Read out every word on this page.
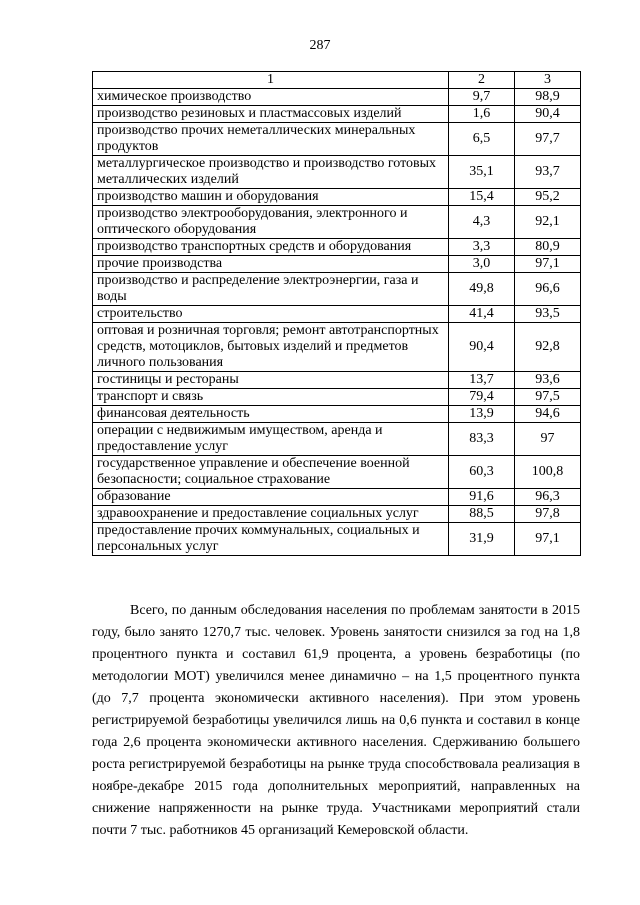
287
1	2	3
химическое производство	9,7	98,9
производство резиновых и пластмассовых изделий	1,6	90,4
производство прочих неметаллических минеральных продуктов	6,5	97,7
металлургическое производство и производство готовых металлических изделий	35,1	93,7
производство машин и оборудования	15,4	95,2
производство электрооборудования, электронного и оптического оборудования	4,3	92,1
производство транспортных средств и оборудования	3,3	80,9
прочие производства	3,0	97,1
производство и распределение электроэнергии, газа и воды	49,8	96,6
строительство	41,4	93,5
оптовая и розничная торговля; ремонт автотранспортных средств, мотоциклов, бытовых изделий и предметов личного пользования	90,4	92,8
гостиницы и рестораны	13,7	93,6
транспорт и связь	79,4	97,5
финансовая деятельность	13,9	94,6
операции с недвижимым имуществом, аренда и предоставление услуг	83,3	97
государственное управление и обеспечение военной безопасности; социальное страхование	60,3	100,8
образование	91,6	96,3
здравоохранение и предоставление социальных услуг	88,5	97,8
предоставление прочих коммунальных, социальных и персональных услуг	31,9	97,1

Всего, по данным обследования населения по проблемам занятости в 2015 году, было занято 1270,7 тыс. человек. Уровень занятости снизился за год на 1,8 процентного пункта и составил 61,9 процента, а уровень безработицы (по методологии МОТ) увеличился менее динамично – на 1,5 процентного пункта (до 7,7 процента экономически активного населения). При этом уровень регистрируемой безработицы увеличился лишь на 0,6 пункта и составил в конце года 2,6 процента экономически активного населения. Сдерживанию большего роста регистрируемой безработицы на рынке труда способствовала реализация в ноябре-декабре 2015 года дополнительных мероприятий, направленных на снижение напряженности на рынке труда. Участниками мероприятий стали почти 7 тыс. работников 45 организаций Кемеровской области.
